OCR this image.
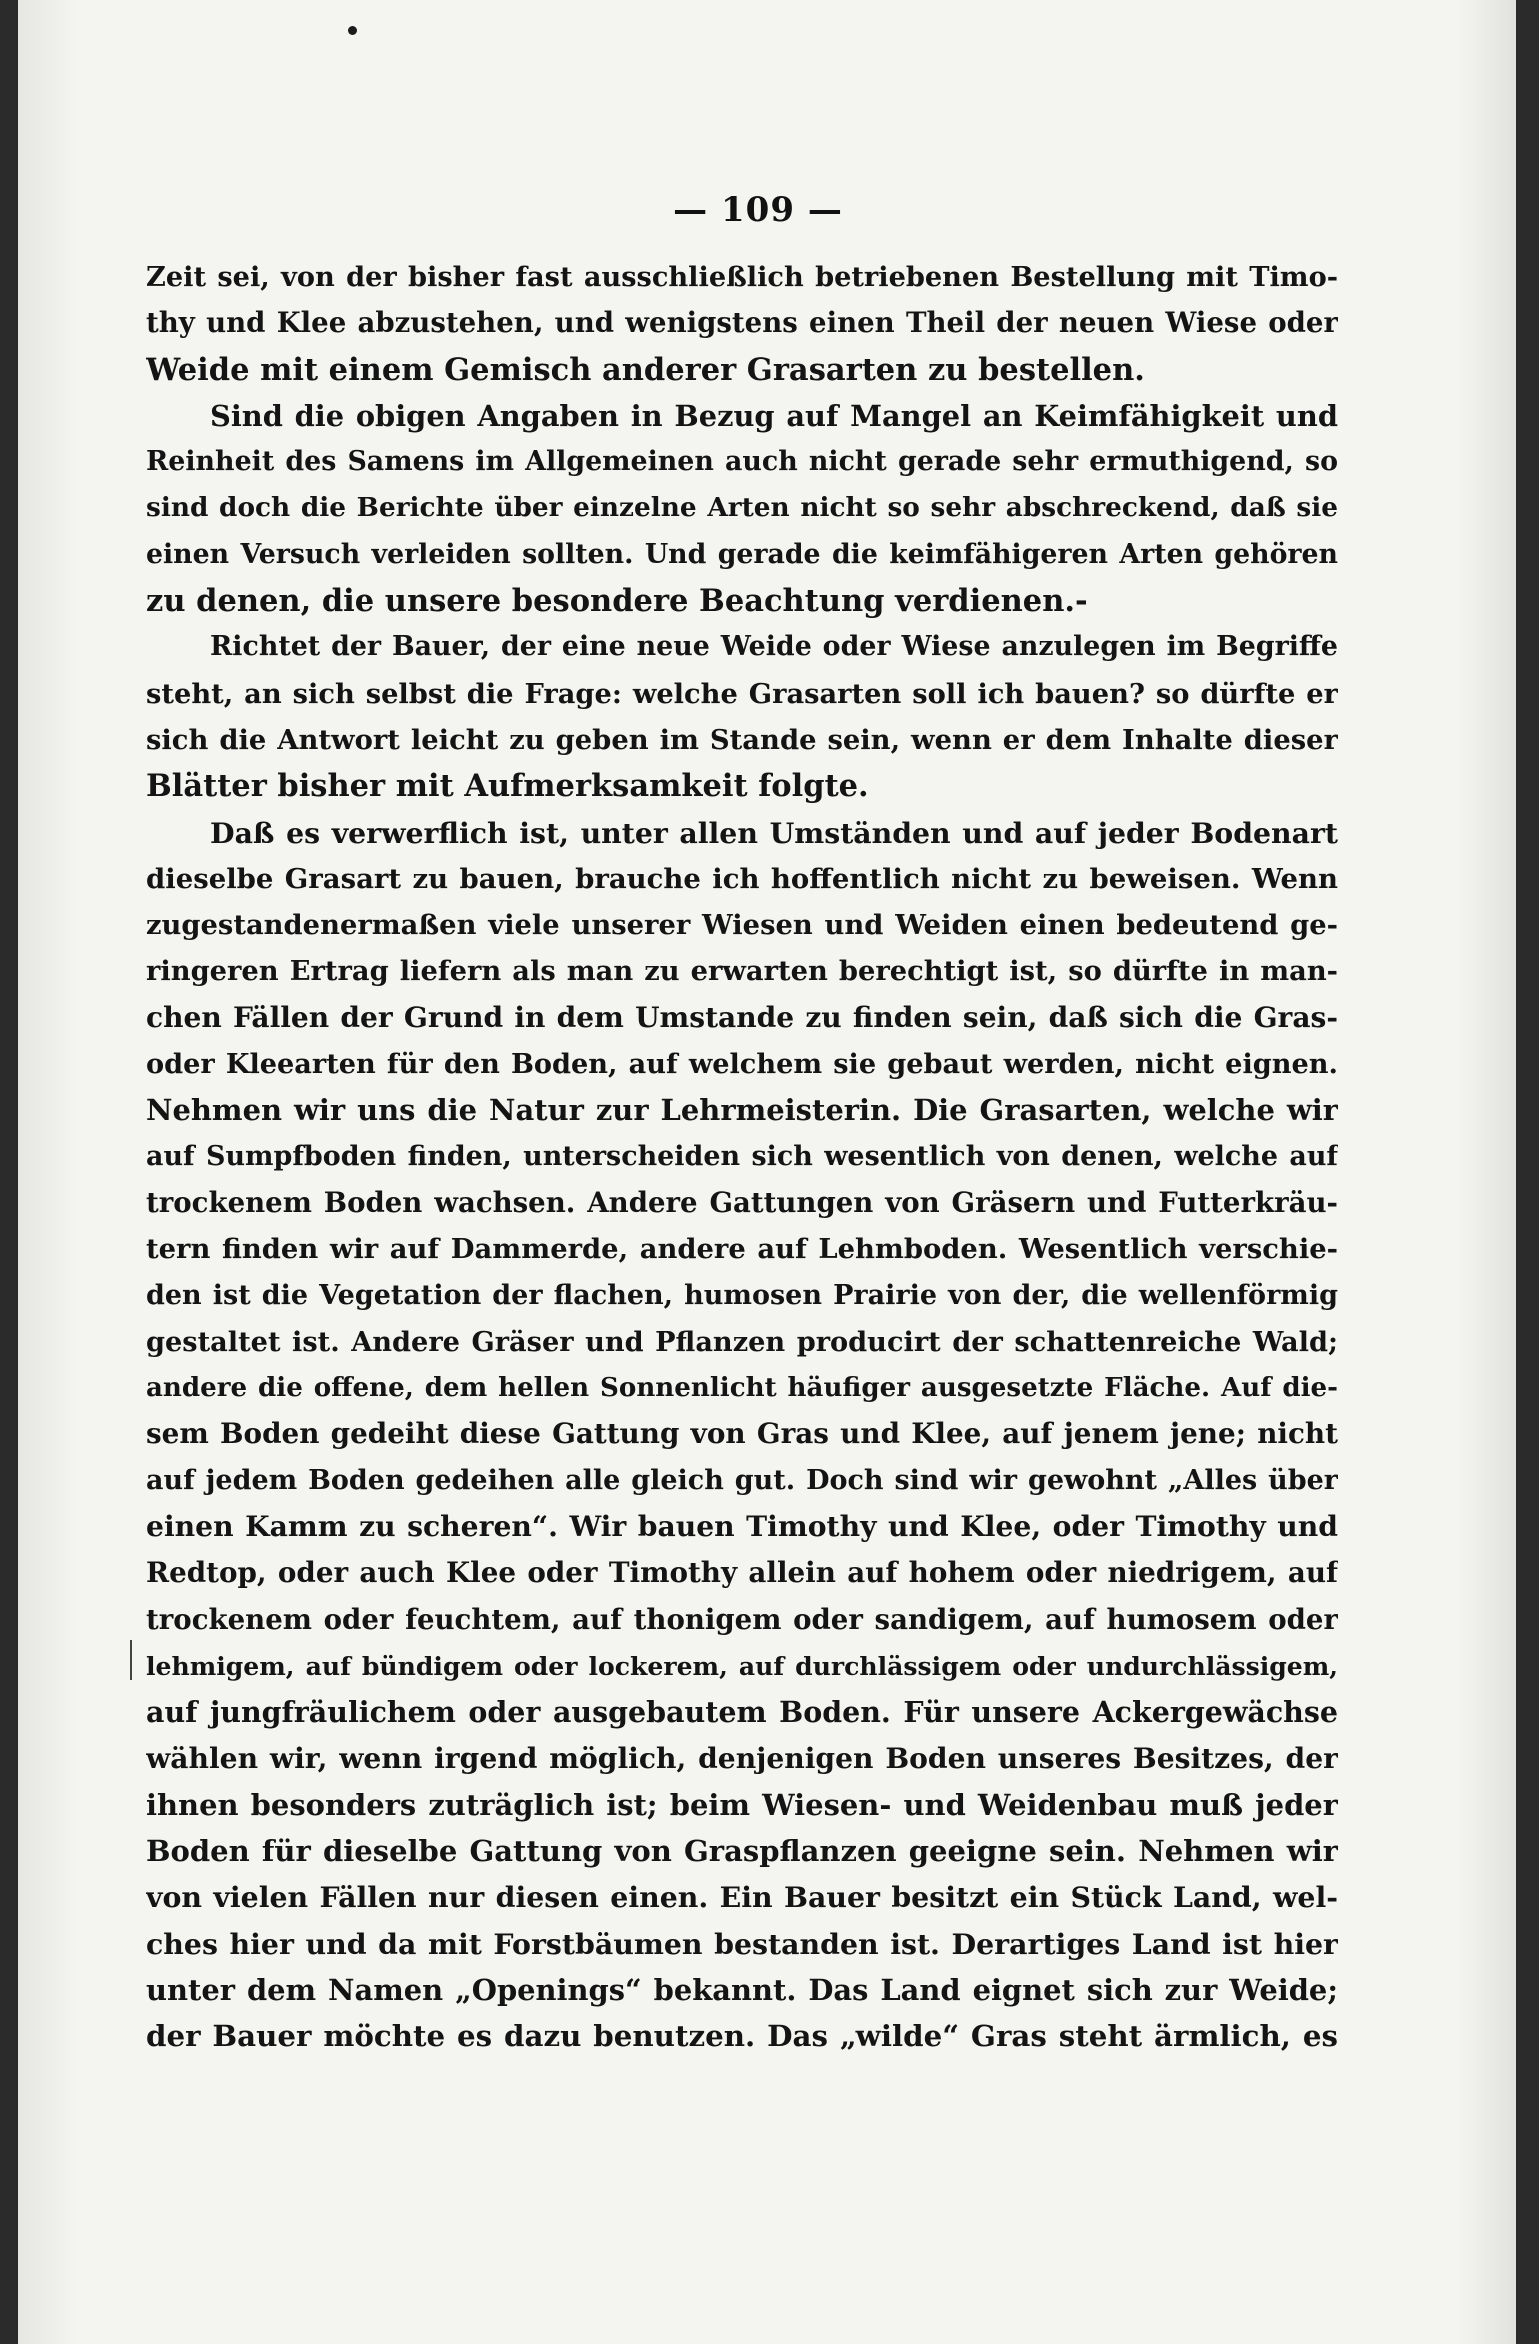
— 109 —
Zeit sei, von der bisher fast ausschließlich betriebenen Bestellung mit Timo-
thy und Klee abzustehen, und wenigstens einen Theil der neuen Wiese oder
Weide mit einem Gemisch anderer Grasarten zu bestellen.
Sind die obigen Angaben in Bezug auf Mangel an Keimfähigkeit und
Reinheit des Samens im Allgemeinen auch nicht gerade sehr ermuthigend, so
sind doch die Berichte über einzelne Arten nicht so sehr abschreckend, daß sie
einen Versuch verleiden sollten. Und gerade die keimfähigeren Arten gehören
zu denen, die unsere besondere Beachtung verdienen.-
Richtet der Bauer, der eine neue Weide oder Wiese anzulegen im Begriffe
steht, an sich selbst die Frage: welche Grasarten soll ich bauen? so dürfte er
sich die Antwort leicht zu geben im Stande sein, wenn er dem Inhalte dieser
Blätter bisher mit Aufmerksamkeit folgte.
Daß es verwerflich ist, unter allen Umständen und auf jeder Bodenart
dieselbe Grasart zu bauen, brauche ich hoffentlich nicht zu beweisen. Wenn
zugestandenermaßen viele unserer Wiesen und Weiden einen bedeutend ge-
ringeren Ertrag liefern als man zu erwarten berechtigt ist, so dürfte in man-
chen Fällen der Grund in dem Umstande zu finden sein, daß sich die Gras-
oder Kleearten für den Boden, auf welchem sie gebaut werden, nicht eignen.
Nehmen wir uns die Natur zur Lehrmeisterin. Die Grasarten, welche wir
auf Sumpfboden finden, unterscheiden sich wesentlich von denen, welche auf
trockenem Boden wachsen. Andere Gattungen von Gräsern und Futterkräu-
tern finden wir auf Dammerde, andere auf Lehmboden. Wesentlich verschie-
den ist die Vegetation der flachen, humosen Prairie von der, die wellenförmig
gestaltet ist. Andere Gräser und Pflanzen producirt der schattenreiche Wald;
andere die offene, dem hellen Sonnenlicht häufiger ausgesetzte Fläche. Auf die-
sem Boden gedeiht diese Gattung von Gras und Klee, auf jenem jene; nicht
auf jedem Boden gedeihen alle gleich gut. Doch sind wir gewohnt „Alles über
einen Kamm zu scheren“. Wir bauen Timothy und Klee, oder Timothy und
Redtop, oder auch Klee oder Timothy allein auf hohem oder niedrigem, auf
trockenem oder feuchtem, auf thonigem oder sandigem, auf humosem oder
lehmigem, auf bündigem oder lockerem, auf durchlässigem oder undurchlässigem,
auf jungfräulichem oder ausgebautem Boden. Für unsere Ackergewächse
wählen wir, wenn irgend möglich, denjenigen Boden unseres Besitzes, der
ihnen besonders zuträglich ist; beim Wiesen- und Weidenbau muß jeder
Boden für dieselbe Gattung von Graspflanzen geeigne sein. Nehmen wir
von vielen Fällen nur diesen einen. Ein Bauer besitzt ein Stück Land, wel-
ches hier und da mit Forstbäumen bestanden ist. Derartiges Land ist hier
unter dem Namen „Openings“ bekannt. Das Land eignet sich zur Weide;
der Bauer möchte es dazu benutzen. Das „wilde“ Gras steht ärmlich, es
